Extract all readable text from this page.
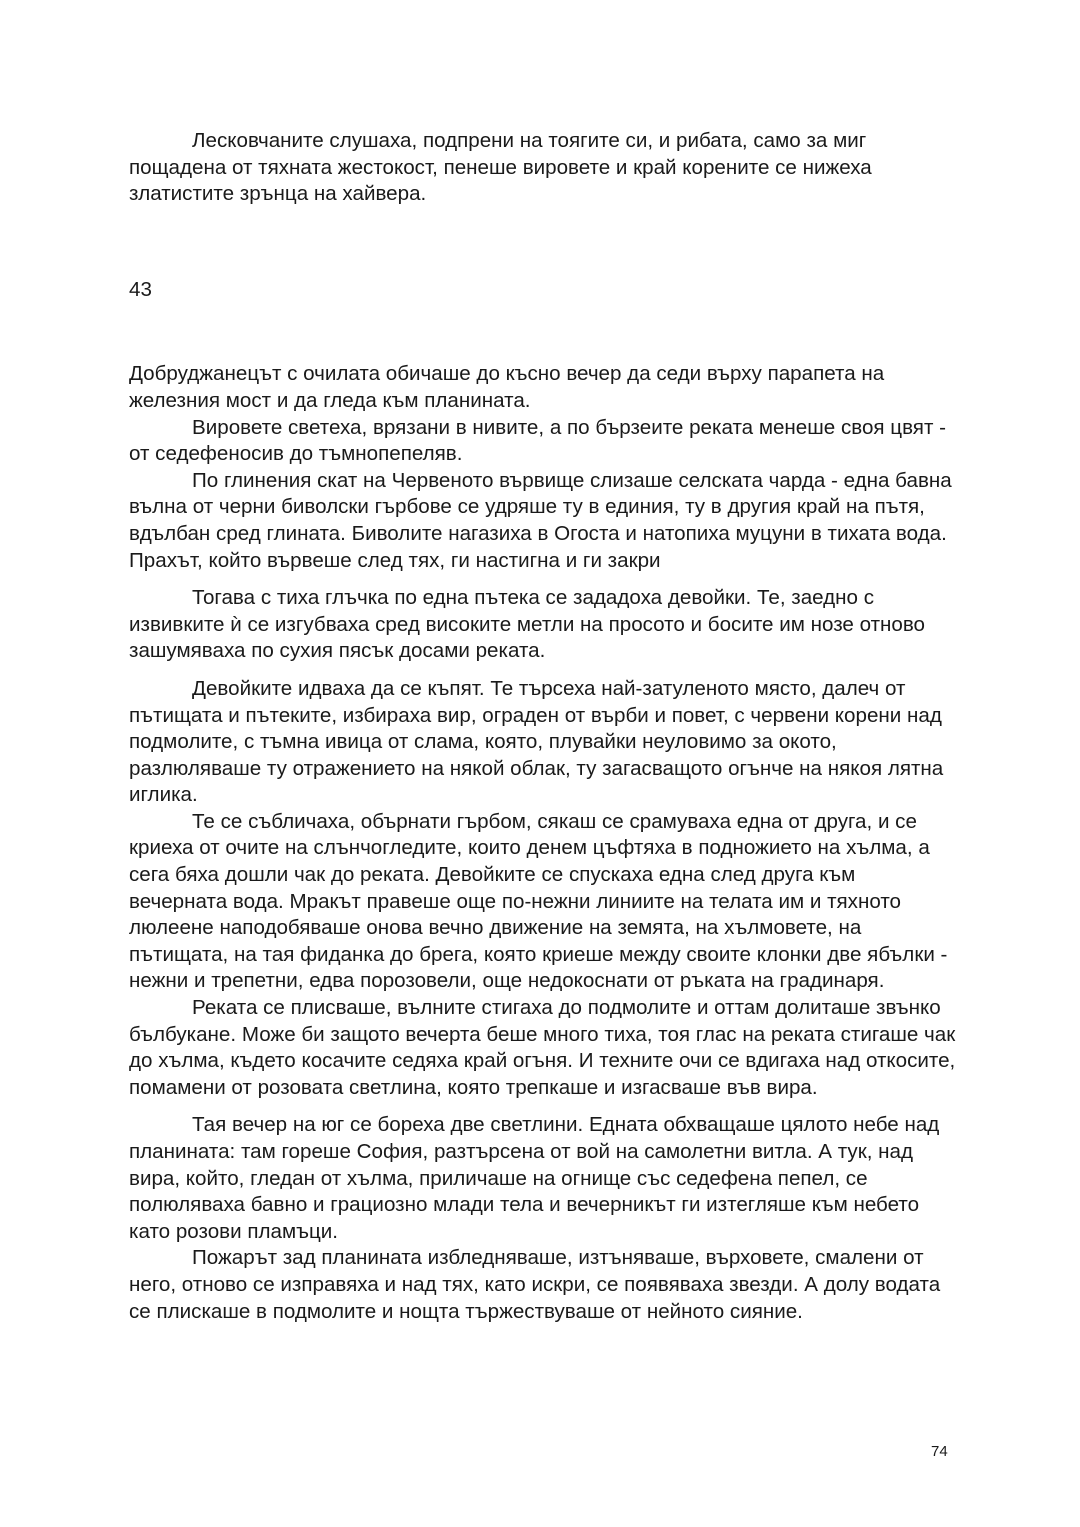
Лесковчаните слушаха, подпрени на тоягите си, и рибата, само за миг пощадена от тяхната жестокост, пенеше вировете и край корените се нижеха златистите зрънца на хайвера.

43

Добруджанецът с очилата обичаше до късно вечер да седи върху парапета на железния мост и да гледа към планината.

Вировете светеха, врязани в нивите, а по бързеите реката менеше своя цвят - от седефеносив до тъмнопепеляв.

По глинения скат на Червеното вървище слизаше селската чарда - една бавна вълна от черни биволски гърбове се удряше ту в единия, ту в другия край на пътя, вдълбан сред глината. Биволите нагазиха в Огоста и натопиха муцуни в тихата вода. Прахът, който вървеше след тях, ги настигна и ги закри

Тогава с тиха глъчка по една пътека се зададоха девойки. Те, заедно с извивките ѝ се изгубваха сред високите метли на просото и босите им нозе отново зашумяваха по сухия пясък досами реката.

Девойките идваха да се къпят. Те търсеха най-затуленото място, далеч от пътищата и пътеките, избираха вир, ограден от върби и повет, с червени корени над подмолите, с тъмна ивица от слама, която, плувайки неуловимо за окото, разлюляваше ту отражението на някой облак, ту загасващото огънче на някоя лятна иглика.

Те се събличаха, обърнати гърбом, сякаш се срамуваха една от друга, и се криеха от очите на слънчогледите, които денем цъфтяха в подножието на хълма, а сега бяха дошли чак до реката. Девойките се спускаха една след друга към вечерната вода. Мракът правеше още по-нежни линиите на телата им и тяхното люлеене наподобяваше онова вечно движение на земята, на хълмовете, на пътищата, на тая фиданка до брега, която криеше между своите клонки две ябълки - нежни и трепетни, едва порозовели, още недокоснати от ръката на градинаря.

Реката се плисваше, вълните стигаха до подмолите и оттам долиташе звънко бълбукане. Може би защото вечерта беше много тиха, тоя глас на реката стигаше чак до хълма, където косачите седяха край огъня. И техните очи се вдигаха над откосите, помамени от розовата светлина, която трепкаше и изгасваше във вира.

Тая вечер на юг се бореха две светлини. Едната обхващаше цялото небе над планината: там гореше София, разтърсена от вой на самолетни витла. А тук, над вира, който, гледан от хълма, приличаше на огнище със седефена пепел, се полюляваха бавно и грациозно млади тела и вечерникът ги изтегляше към небето като розови пламъци.

Пожарът зад планината избледняваше, изтъняваше, върховете, смалени от него, отново се изправяха и над тях, като искри, се появяваха звезди. А долу водата се плискаше в подмолите и нощта тържествуваше от нейното сияние.

74
